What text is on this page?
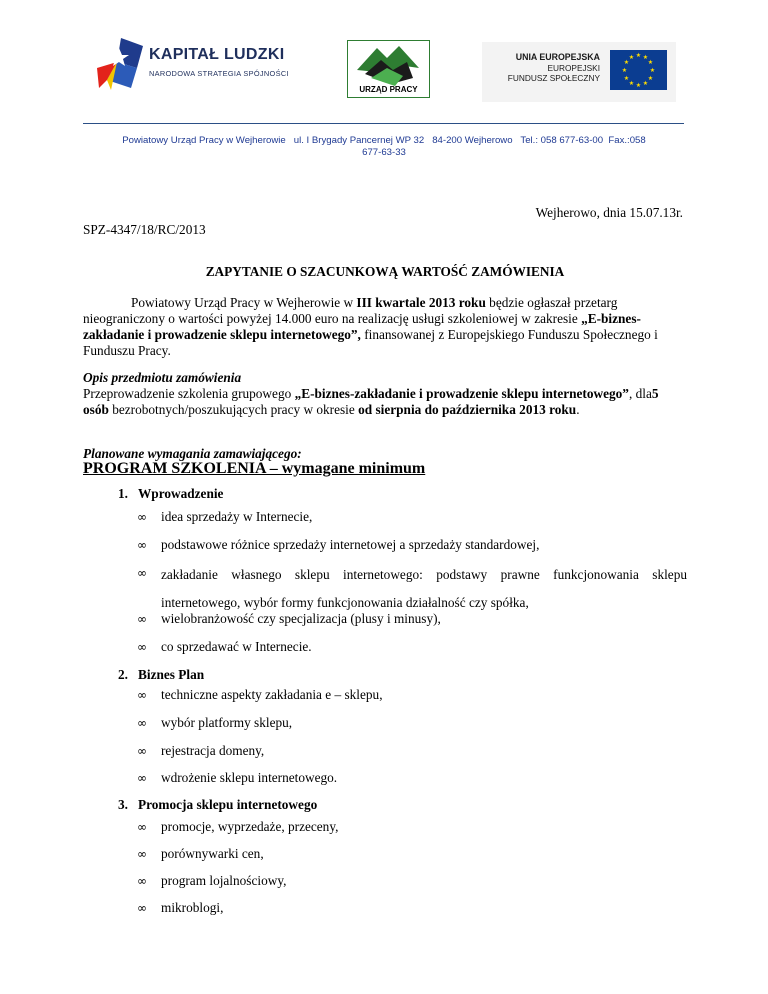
KAPITAŁ LUDZKI
NARODOWA STRATEGIA SPÓJNOŚCI
URZĄD PRACY
UNIA EUROPEJSKA
EUROPEJSKI
FUNDUSZ SPOŁECZNY
★ ★
★
★
★
★
★
★
★
★
★
★
Powiatowy Urząd Pracy w Wejherowie   ul. I Brygady Pancernej WP 32   84-200 Wejherowo   Tel.: 058 677-63-00  Fax.:058
677-63-33
Wejherowo, dnia 15.07.13r.
SPZ-4347/18/RC/2013
ZAPYTANIE O SZACUNKOWĄ WARTOŚĆ ZAMÓWIENIA
Powiatowy Urząd Pracy w Wejherowie w III kwartale 2013 roku będzie ogłaszał przetarg nieograniczony o wartości powyżej 14.000 euro na realizację usługi szkoleniowej w zakresie „E-biznes-zakładanie i prowadzenie sklepu internetowego”, finansowanej z Europejskiego Funduszu Społecznego i Funduszu Pracy.
Opis przedmiotu zamówienia
Przeprowadzenie szkolenia grupowego „E-biznes-zakładanie i prowadzenie sklepu internetowego”, dla5 osób bezrobotnych/poszukujących pracy w okresie od sierpnia do października 2013 roku.
Planowane wymagania zamawiającego:
PROGRAM SZKOLENIA – wymagane minimum
1. Wprowadzenie
∞ idea sprzedaży w Internecie,
∞ podstawowe różnice sprzedaży internetowej a sprzedaży standardowej,
∞ zakładanie własnego sklepu internetowego: podstawy prawne funkcjonowania sklepu internetowego, wybór formy funkcjonowania działalność czy spółka,
∞ wielobranżowość czy specjalizacja (plusy i minusy),
∞ co sprzedawać w Internecie.
2. Biznes Plan
∞ techniczne aspekty zakładania e – sklepu,
∞ wybór platformy sklepu,
∞ rejestracja domeny,
∞ wdrożenie sklepu internetowego.
3. Promocja sklepu internetowego
∞ promocje, wyprzedaże, przeceny,
∞ porównywarki cen,
∞ program lojalnościowy,
∞ mikroblogi,
